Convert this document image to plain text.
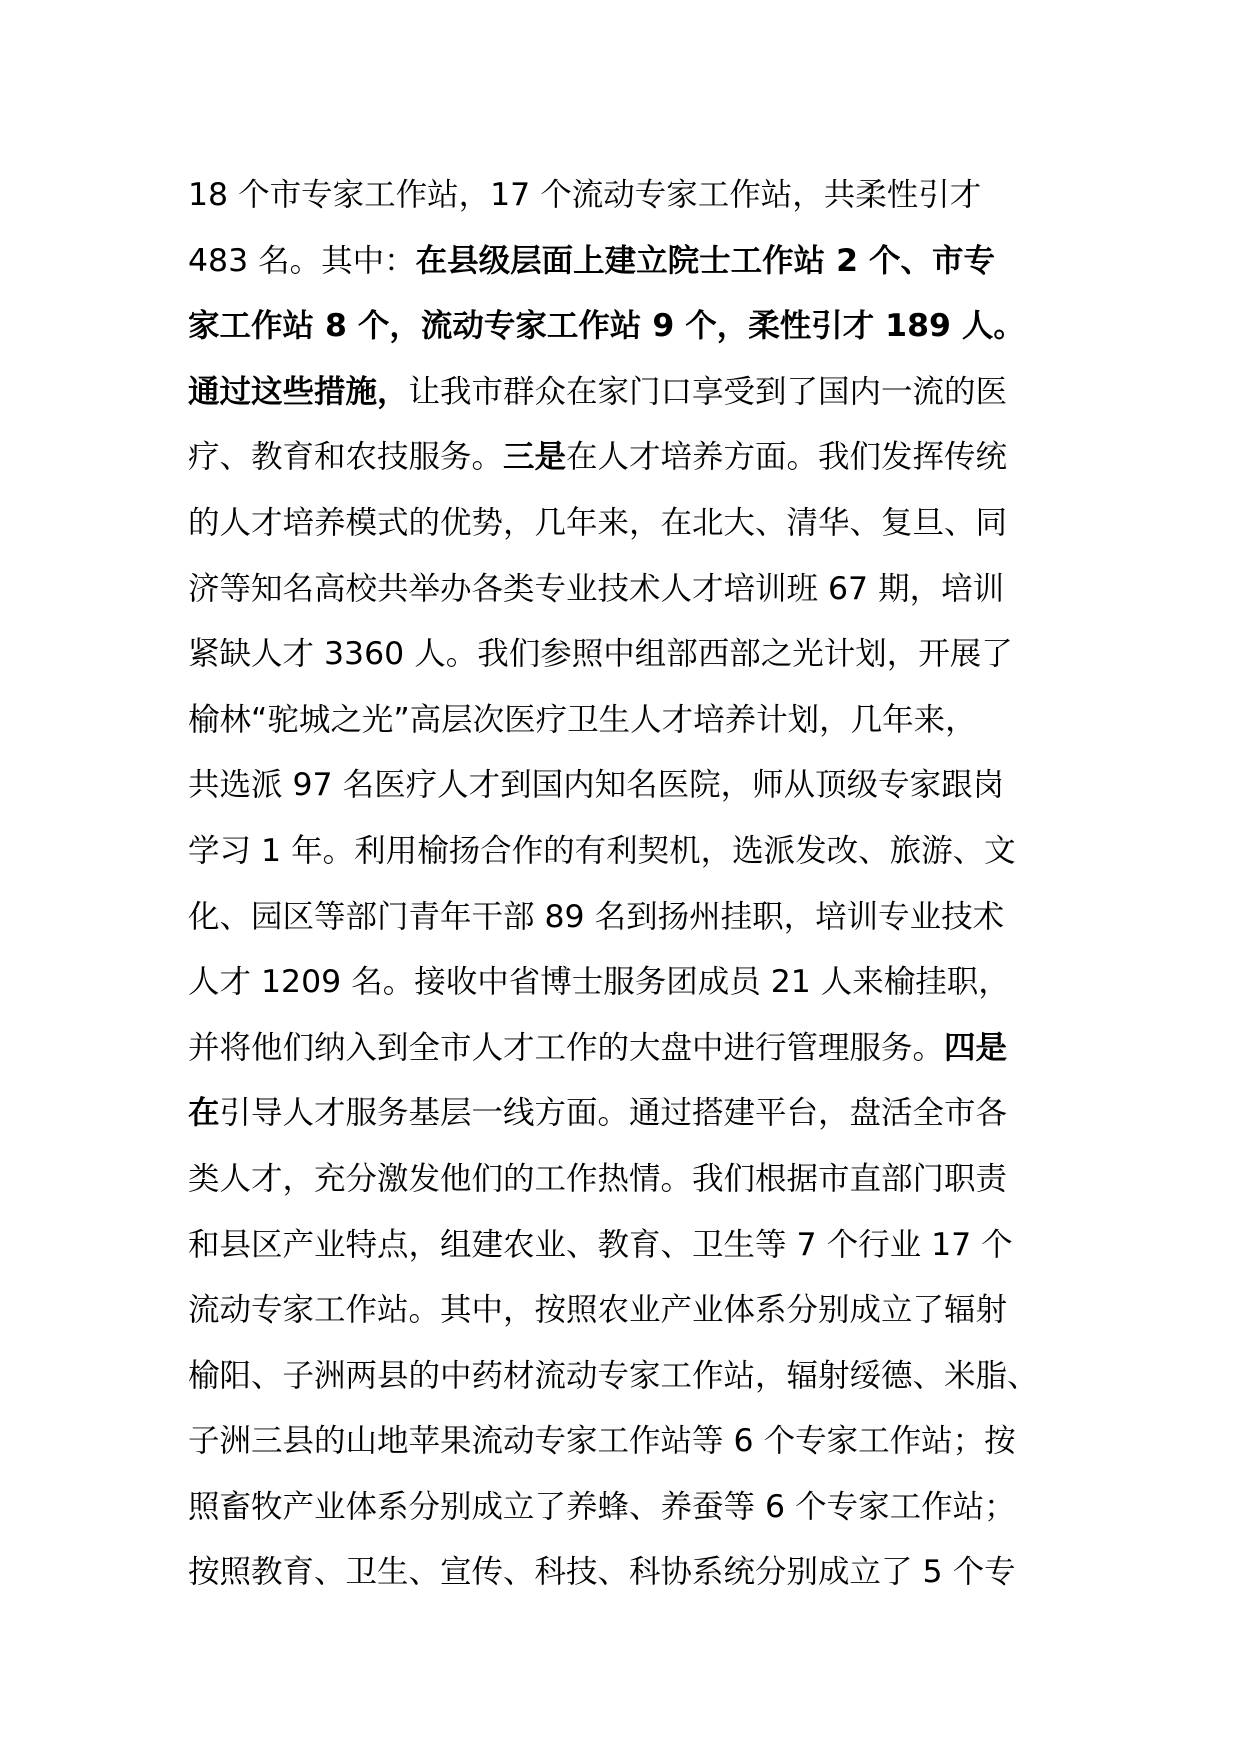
18 个市专家工作站，17 个流动专家工作站，共柔性引才
483 名。其中：在县级层面上建立院士工作站 2 个、市专
家工作站 8 个，流动专家工作站 9 个，柔性引才 189 人。
通过这些措施，让我市群众在家门口享受到了国内一流的医
疗、教育和农技服务。三是在人才培养方面。我们发挥传统
的人才培养模式的优势，几年来，在北大、清华、复旦、同
济等知名高校共举办各类专业技术人才培训班 67 期，培训
紧缺人才 3360 人。我们参照中组部西部之光计划，开展了
榆林“驼城之光”高层次医疗卫生人才培养计划，几年来，
共选派 97 名医疗人才到国内知名医院，师从顶级专家跟岗
学习 1 年。利用榆扬合作的有利契机，选派发改、旅游、文
化、园区等部门青年干部 89 名到扬州挂职，培训专业技术
人才 1209 名。接收中省博士服务团成员 21 人来榆挂职，
并将他们纳入到全市人才工作的大盘中进行管理服务。四是
在引导人才服务基层一线方面。通过搭建平台，盘活全市各
类人才，充分激发他们的工作热情。我们根据市直部门职责
和县区产业特点，组建农业、教育、卫生等 7 个行业 17 个
流动专家工作站。其中，按照农业产业体系分别成立了辐射
榆阳、子洲两县的中药材流动专家工作站，辐射绥德、米脂、
子洲三县的山地苹果流动专家工作站等 6 个专家工作站；按
照畜牧产业体系分别成立了养蜂、养蚕等 6 个专家工作站；
按照教育、卫生、宣传、科技、科协系统分别成立了 5 个专
